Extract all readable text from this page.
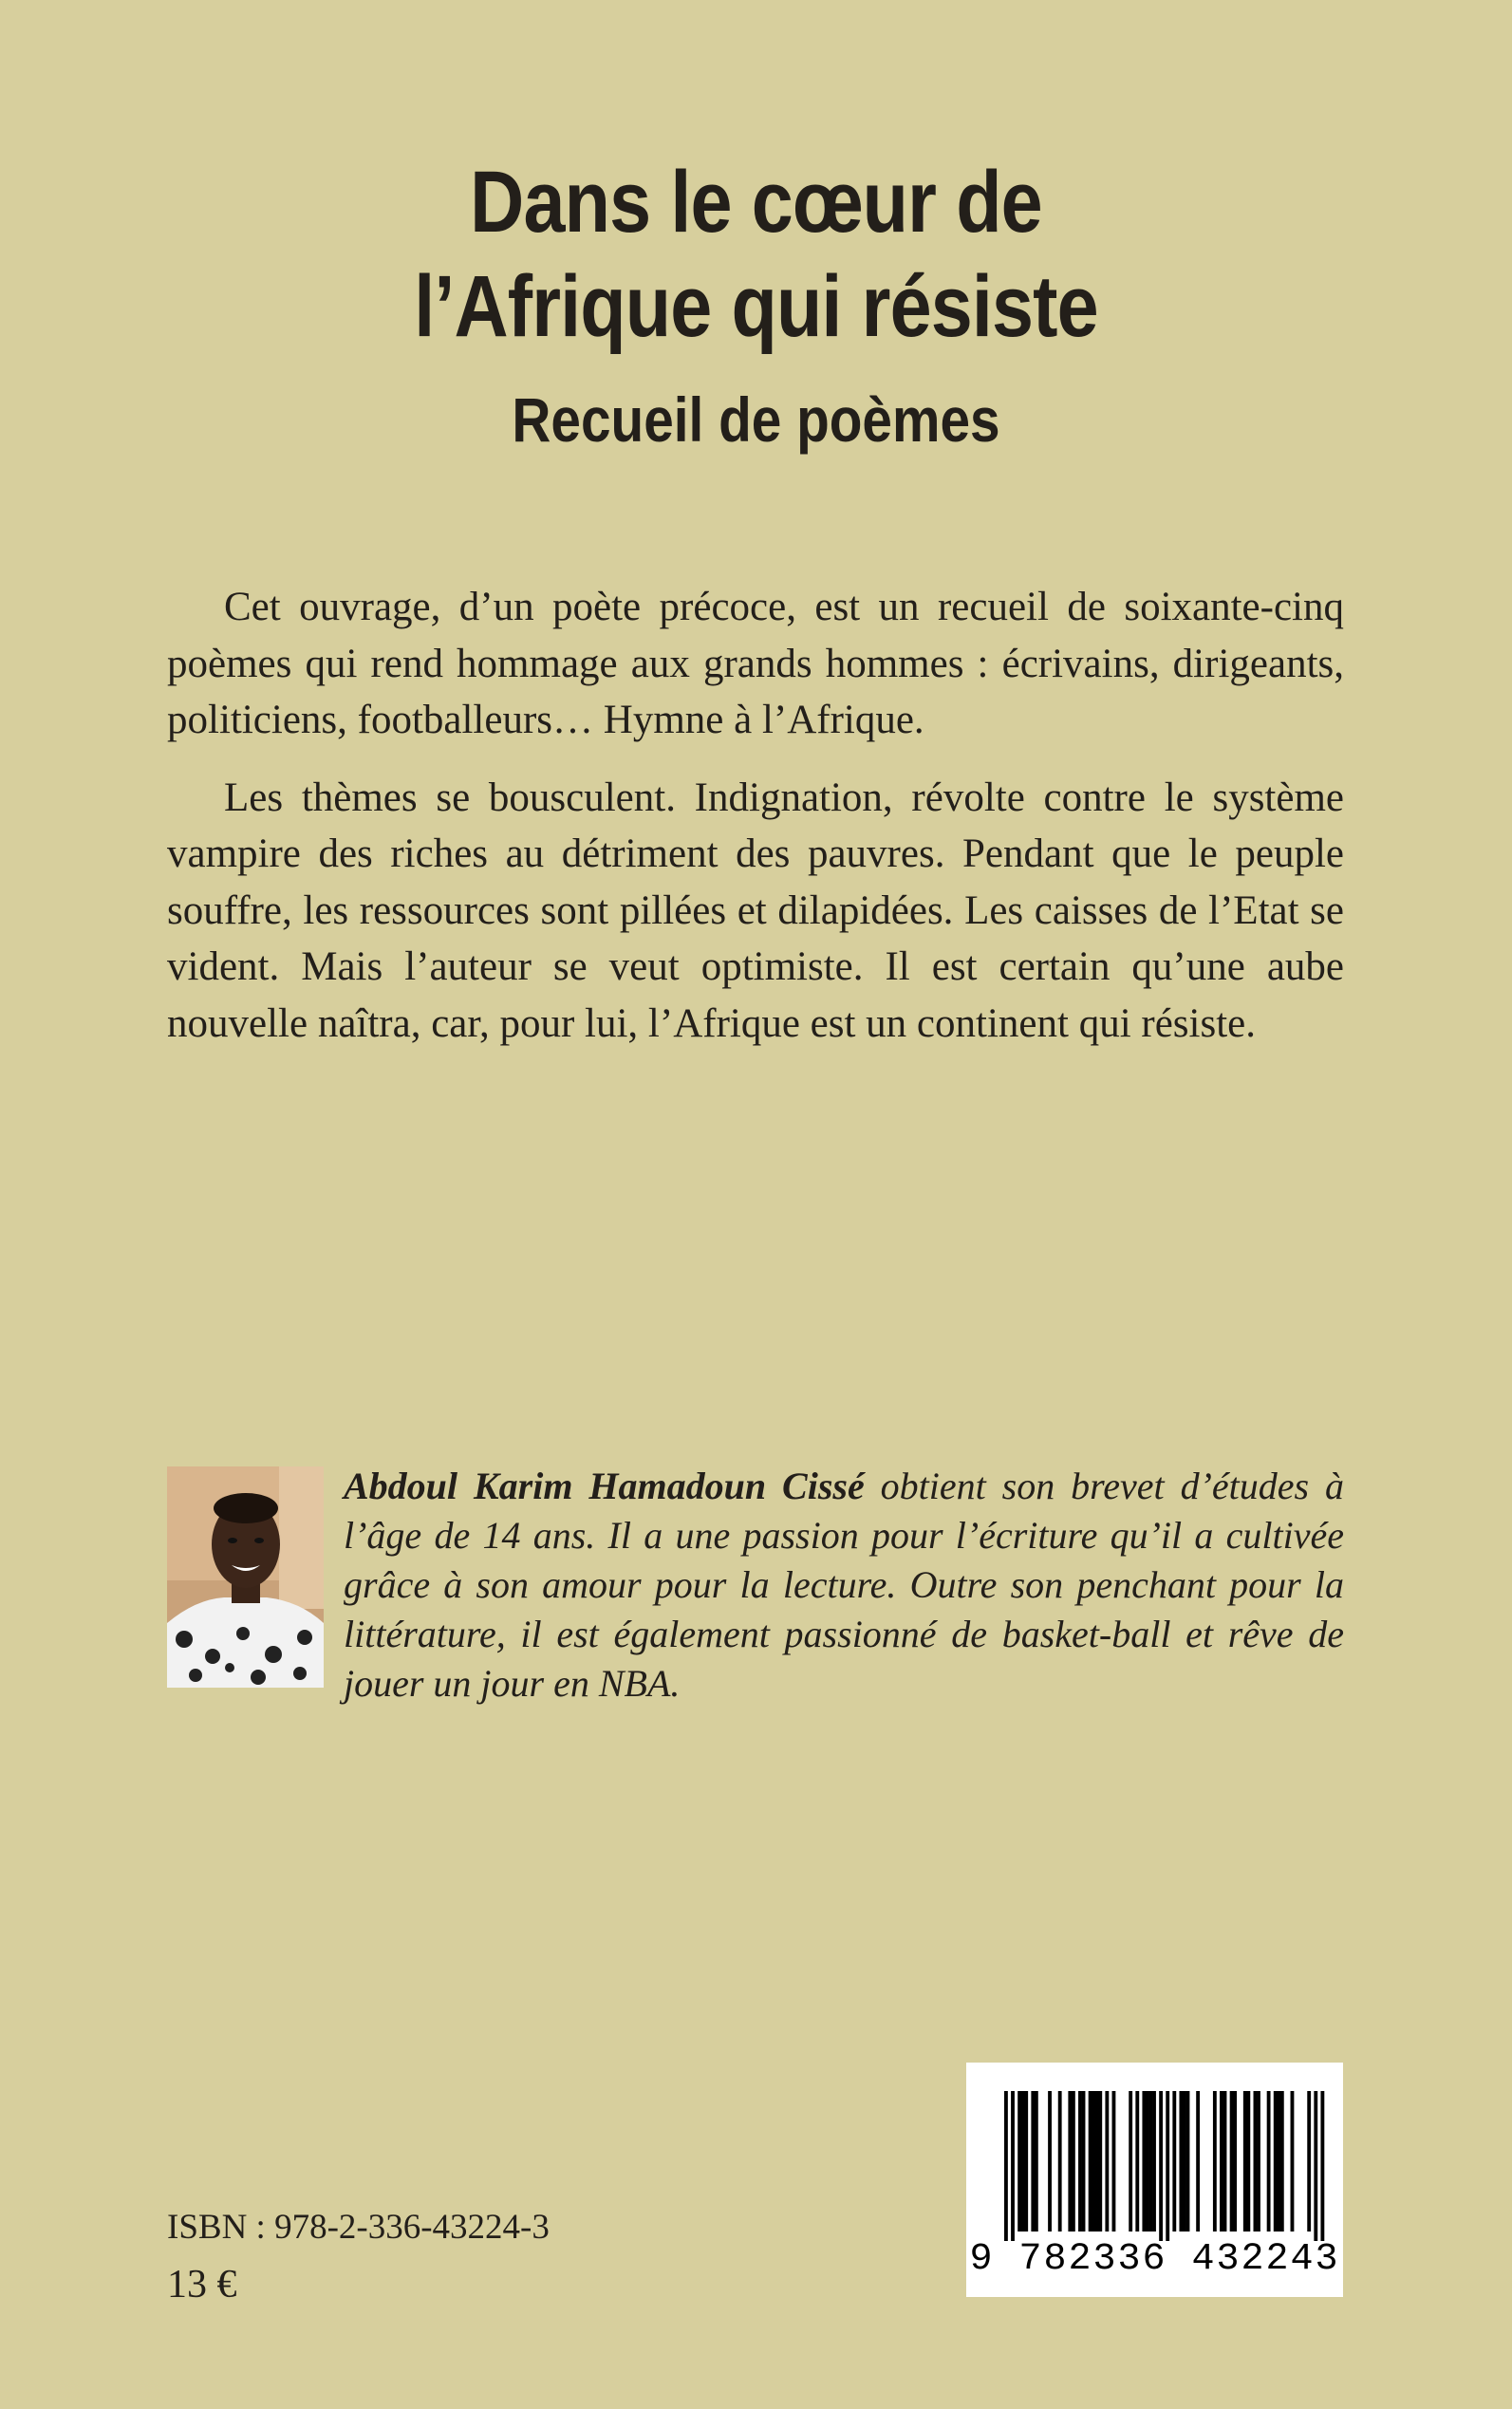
Dans le cœur de
l’Afrique qui résiste
Recueil de poèmes

Cet ouvrage, d’un poète précoce, est un recueil de soixante-cinq poèmes qui rend hommage aux grands hommes : écrivains, dirigeants, politiciens, footballeurs… Hymne à l’Afrique.

Les thèmes se bousculent. Indignation, révolte contre le système vampire des riches au détriment des pauvres. Pendant que le peuple souffre, les ressources sont pillées et dilapidées. Les caisses de l’Etat se vident. Mais l’auteur se veut optimiste. Il est certain qu’une aube nouvelle naîtra, car, pour lui, l’Afrique est un continent qui résiste.

Abdoul Karim Hamadoun Cissé obtient son brevet d’études à l’âge de 14 ans. Il a une passion pour l’écriture qu’il a cultivée grâce à son amour pour la lecture. Outre son penchant pour la littérature, il est également passionné de basket-ball et rêve de jouer un jour en NBA.

ISBN : 978-2-336-43224-3

13 €

9 782336 432243
